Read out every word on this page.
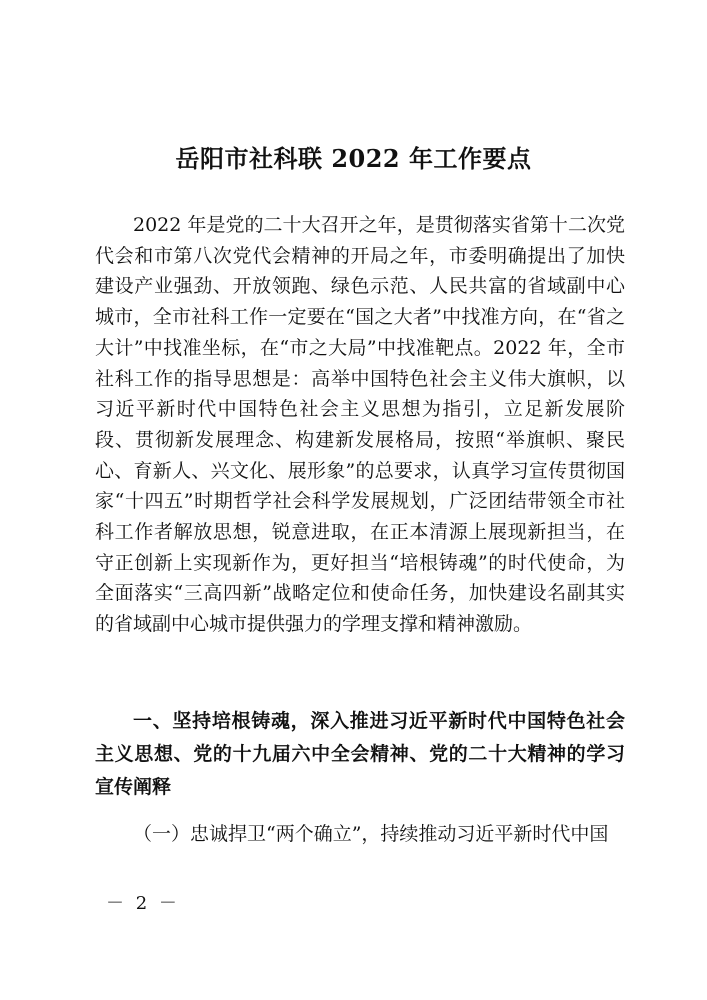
岳阳市社科联 2022 年工作要点

2022 年是党的二十大召开之年，是贯彻落实省第十二次党代会和市第八次党代会精神的开局之年，市委明确提出了加快建设产业强劲、开放领跑、绿色示范、人民共富的省域副中心城市，全市社科工作一定要在“国之大者”中找准方向，在“省之大计”中找准坐标，在“市之大局”中找准靶点。2022 年，全市社科工作的指导思想是：高举中国特色社会主义伟大旗帜，以习近平新时代中国特色社会主义思想为指引，立足新发展阶段、贯彻新发展理念、构建新发展格局，按照“举旗帜、聚民心、育新人、兴文化、展形象”的总要求，认真学习宣传贯彻国家“十四五”时期哲学社会科学发展规划，广泛团结带领全市社科工作者解放思想，锐意进取，在正本清源上展现新担当，在守正创新上实现新作为，更好担当“培根铸魂”的时代使命，为全面落实“三高四新”战略定位和使命任务，加快建设名副其实的省域副中心城市提供强力的学理支撑和精神激励。

一、坚持培根铸魂，深入推进习近平新时代中国特色社会主义思想、党的十九届六中全会精神、党的二十大精神的学习宣传阐释

（一）忠诚捍卫“两个确立”，持续推动习近平新时代中国

－ 2 －
